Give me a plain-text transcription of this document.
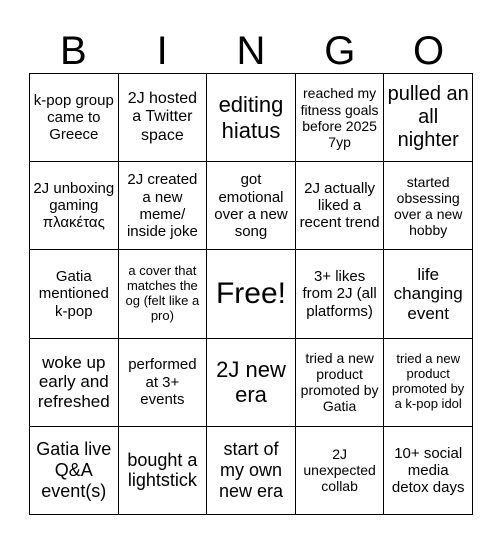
B	I	N	G	O
k-pop group came to Greece
2J hosted a Twitter space
editing hiatus
reached my fitness goals before 2025 7yp
pulled an all nighter
2J unboxing gaming πλακέτας
2J created a new meme/ inside joke
got emotional over a new song
2J actually liked a recent trend
started obsessing over a new hobby
Gatia mentioned k-pop
a cover that matches the og (felt like a pro)
Free!
3+ likes from 2J (all platforms)
life changing event
woke up early and refreshed
performed at 3+ events
2J new era
tried a new product promoted by Gatia
tried a new product promoted by a k-pop idol
Gatia live Q&A event(s)
bought a lightstick
start of my own new era
2J unexpected collab
10+ social media detox days
